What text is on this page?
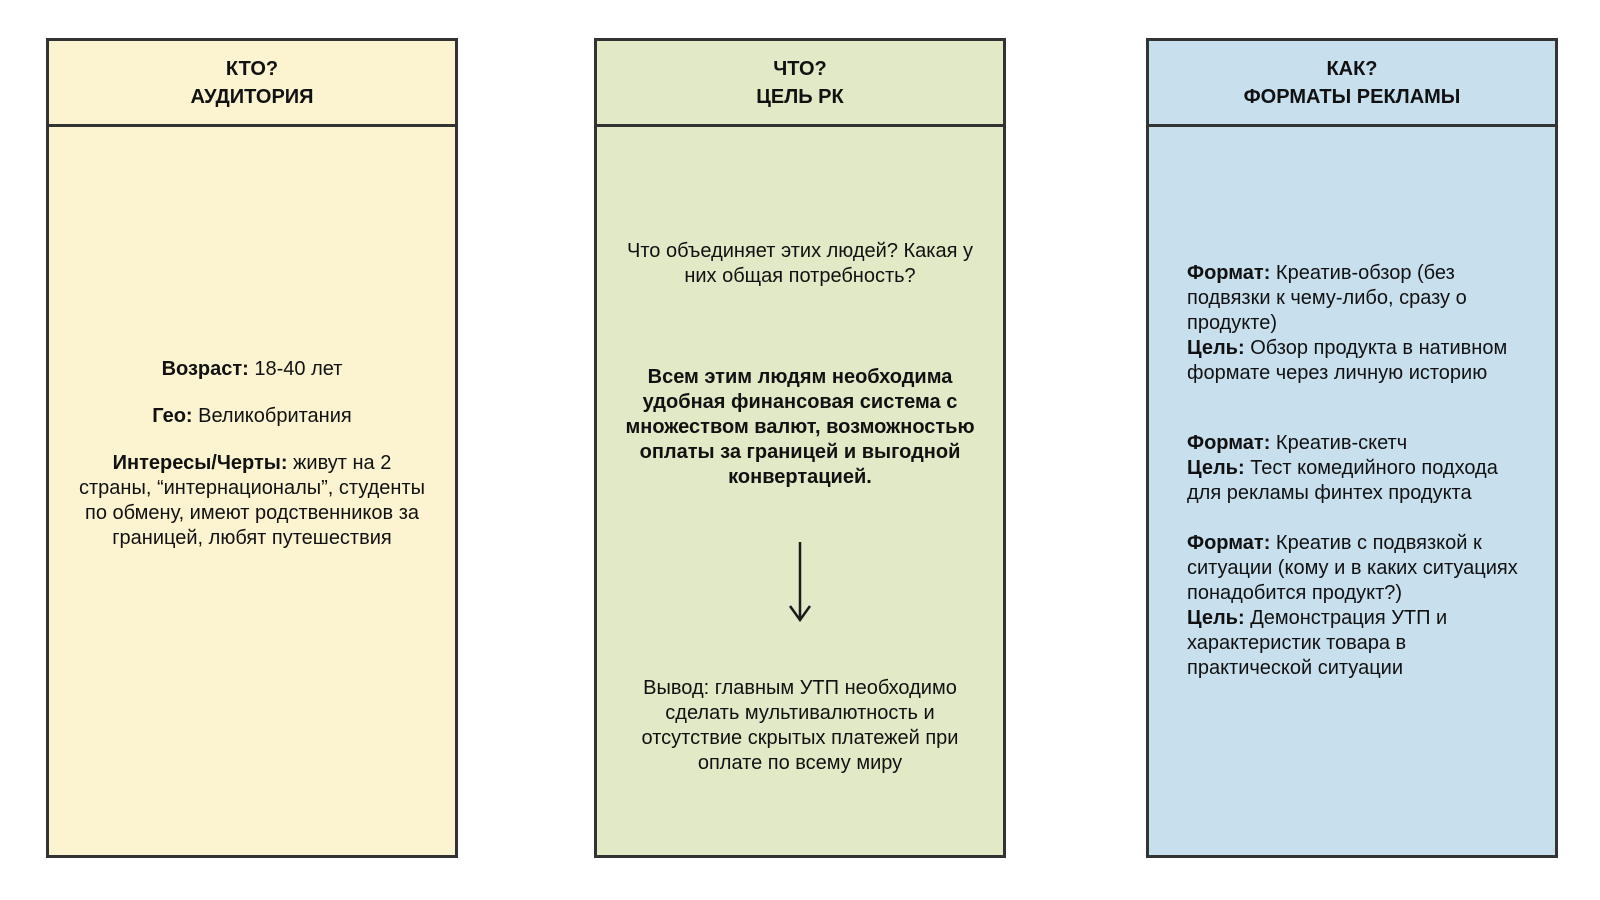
КТО?
АУДИТОРИЯ

Возраст: 18-40 лет

Гео: Великобритания

Интересы/Черты: живут на 2 страны, “интернационалы”, студенты по обмену, имеют родственников за границей, любят путешествия

ЧТО?
ЦЕЛЬ РК

Что объединяет этих людей? Какая у них общая потребность?

Всем этим людям необходима удобная финансовая система с множеством валют, возможностью оплаты за границей и выгодной конвертацией.

Вывод: главным УТП необходимо сделать мультивалютность и отсутствие скрытых платежей при оплате по всему миру

КАК?
ФОРМАТЫ РЕКЛАМЫ
Формат: Креатив-обзор (без подвязки к чему-либо, сразу о продукте)
Цель: Обзор продукта в нативном формате через личную историю
Формат: Креатив-скетч
Цель: Тест комедийного подхода для рекламы финтех продукта
Формат: Креатив с подвязкой к ситуации (кому и в каких ситуациях понадобится продукт?)
Цель: Демонстрация УТП и характеристик товара в практической ситуации
